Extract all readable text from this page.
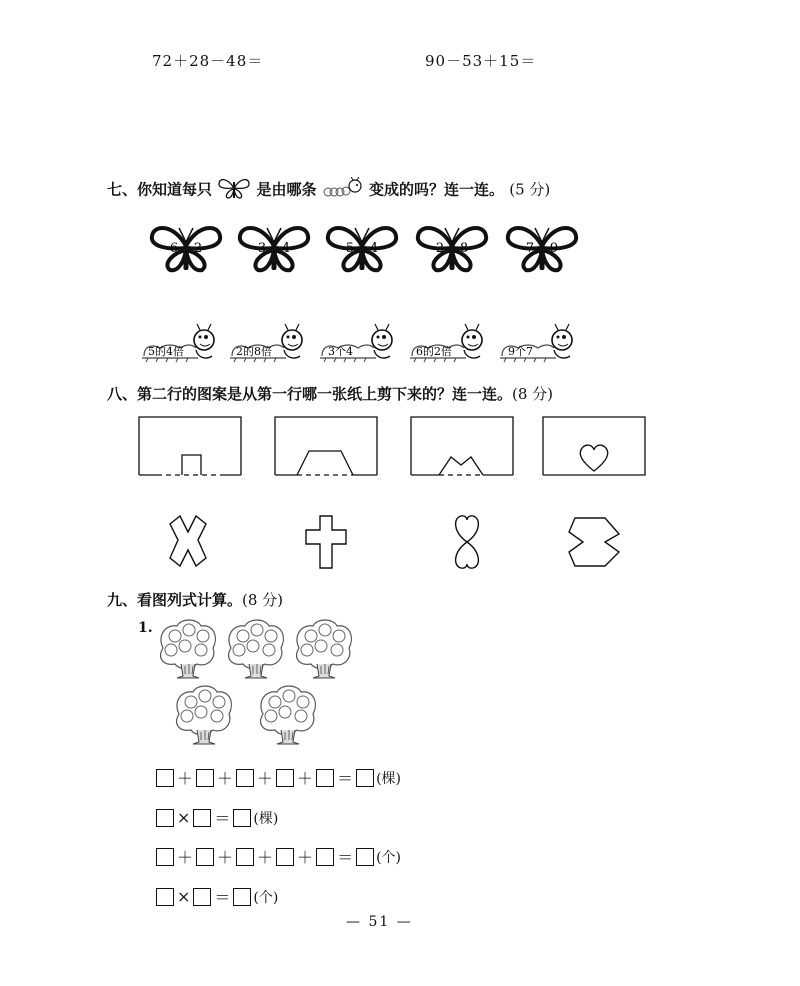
72＋28－48＝	90－53＋15＝
七、你知道每只	是由哪条	变成的吗？连一连。 (5 分)
6 2	3 4	5 4	2 8	7 9
5的4倍	2的8倍	3个4	6的2倍	9个7
八、第二行的图案是从第一行哪一张纸上剪下来的？连一连。(8 分)
九、看图列式计算。(8 分)
1.
＋ ＋ ＋ ＋ ＝ (棵)
× ＝ (棵)
＋ ＋ ＋ ＋ ＝ (个)
× ＝ (个)
— 51 —
